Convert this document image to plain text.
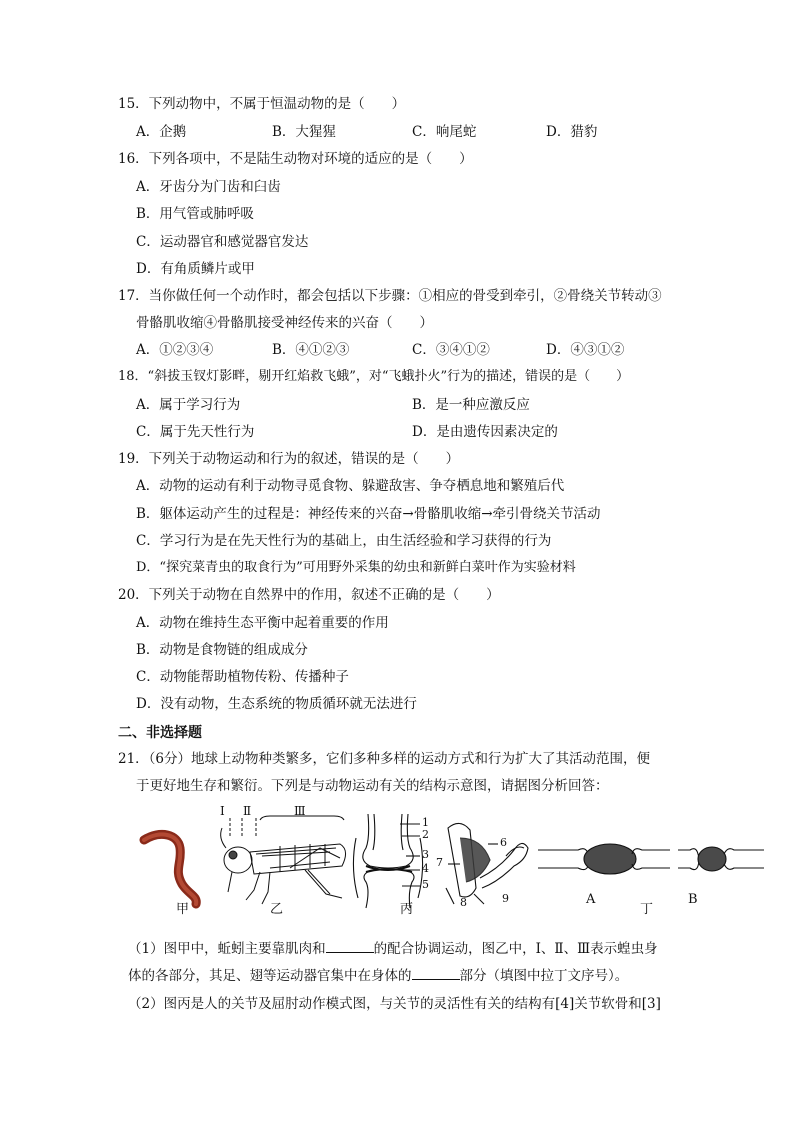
15．下列动物中，不属于恒温动物的是（　　）
A．企鹅	B．大猩猩	C．响尾蛇	D．猎豹
16．下列各项中，不是陆生动物对环境的适应的是（　　）
A．牙齿分为门齿和臼齿
B．用气管或肺呼吸
C．运动器官和感觉器官发达
D．有角质鳞片或甲
17．当你做任何一个动作时，都会包括以下步骤：①相应的骨受到牵引，②骨绕关节转动③
骨骼肌收缩④骨骼肌接受神经传来的兴奋（　　）
A．①②③④	B．④①②③	C．③④①②	D．④③①②
18．“斜拔玉钗灯影畔，剔开红焰救飞蛾”，对“飞蛾扑火”行为的描述，错误的是（　　）
A．属于学习行为	B．是一种应激反应
C．属于先天性行为	D．是由遗传因素决定的
19．下列关于动物运动和行为的叙述，错误的是（　　）
A．动物的运动有利于动物寻觅食物、躲避敌害、争夺栖息地和繁殖后代
B．躯体运动产生的过程是：神经传来的兴奋→骨骼肌收缩→牵引骨绕关节活动
C．学习行为是在先天性行为的基础上，由生活经验和学习获得的行为
D．“探究菜青虫的取食行为”可用野外采集的幼虫和新鲜白菜叶作为实验材料
20．下列关于动物在自然界中的作用，叙述不正确的是（　　）
A．动物在维持生态平衡中起着重要的作用
B．动物是食物链的组成成分
C．动物能帮助植物传粉、传播种子
D．没有动物，生态系统的物质循环就无法进行
二、非选择题
21．（6分）地球上动物种类繁多，它们多种多样的运动方式和行为扩大了其活动范围，便
于更好地生存和繁衍。下列是与动物运动有关的结构示意图，请据图分析回答：
甲	乙	丙	丁
A	B
Ⅰ Ⅱ	Ⅲ
1
2
3
4
5
6
7
8	9
（1）图甲中，蚯蚓主要靠肌肉和	的配合协调运动，图乙中，Ⅰ、Ⅱ、Ⅲ表示蝗虫身
体的各部分，其足、翅等运动器官集中在身体的	部分（填图中拉丁文序号）。
（2）图丙是人的关节及屈肘动作模式图，与关节的灵活性有关的结构有[4]关节软骨和[3]
